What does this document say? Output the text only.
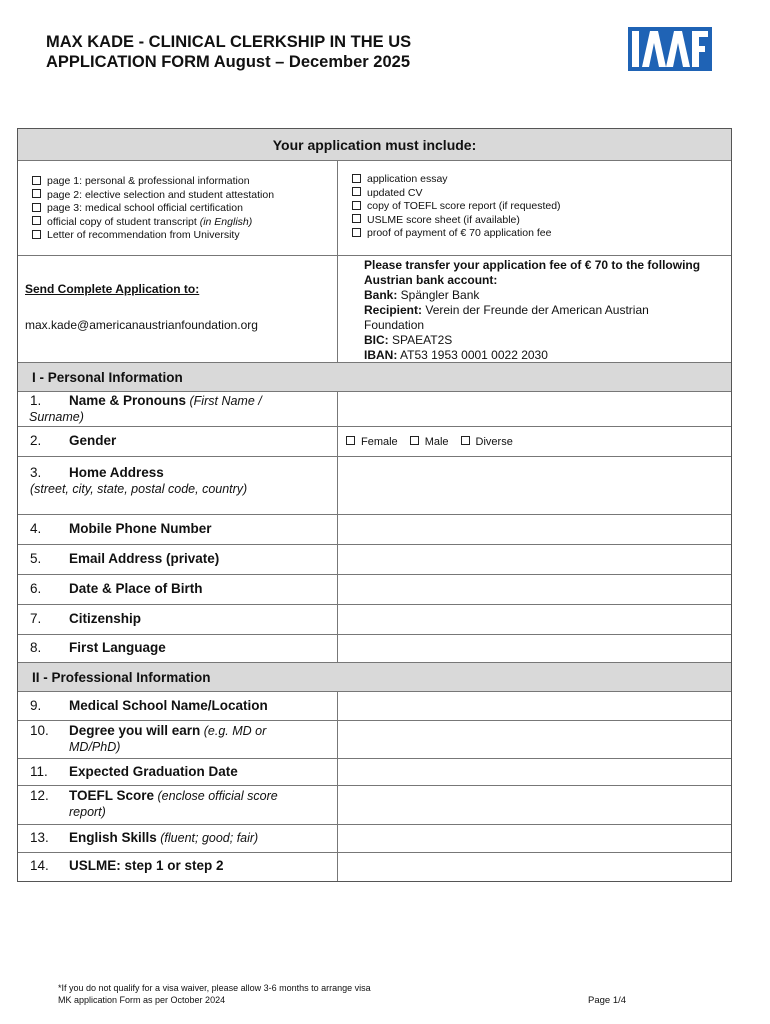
MAX KADE - CLINICAL CLERKSHIP IN THE US
APPLICATION FORM August – December 2025
Your application must include:
page 1: personal & professional information
page 2: elective selection and student attestation
page 3: medical school official certification
official copy of student transcript (in English)
Letter of recommendation from University
application essay
updated CV
copy of TOEFL score report (if requested)
USLME score sheet (if available)
proof of payment of € 70 application fee
Send Complete Application to:
max.kade@americanaustrianfoundation.org
Please transfer your application fee of € 70 to the following
Austrian bank account:
Bank: Spängler Bank
Recipient: Verein der Freunde der American Austrian
Foundation
BIC: SPAEAT2S
IBAN: AT53 1953 0001 0022 2030
I - Personal Information
1. Name & Pronouns (First Name /
Surname)
2. Gender	Female	Male	Diverse
3. Home Address
(street, city, state, postal code, country)
4. Mobile Phone Number
5. Email Address (private)
6. Date & Place of Birth
7. Citizenship
8. First Language
II - Professional Information
9. Medical School Name/Location
10. Degree you will earn (e.g. MD or
MD/PhD)
11. Expected Graduation Date
12. TOEFL Score (enclose official score
report)
13. English Skills (fluent; good; fair)
14. USLME: step 1 or step 2
*If you do not qualify for a visa waiver, please allow 3-6 months to arrange visa
MK application Form as per October 2024	Page 1/4
